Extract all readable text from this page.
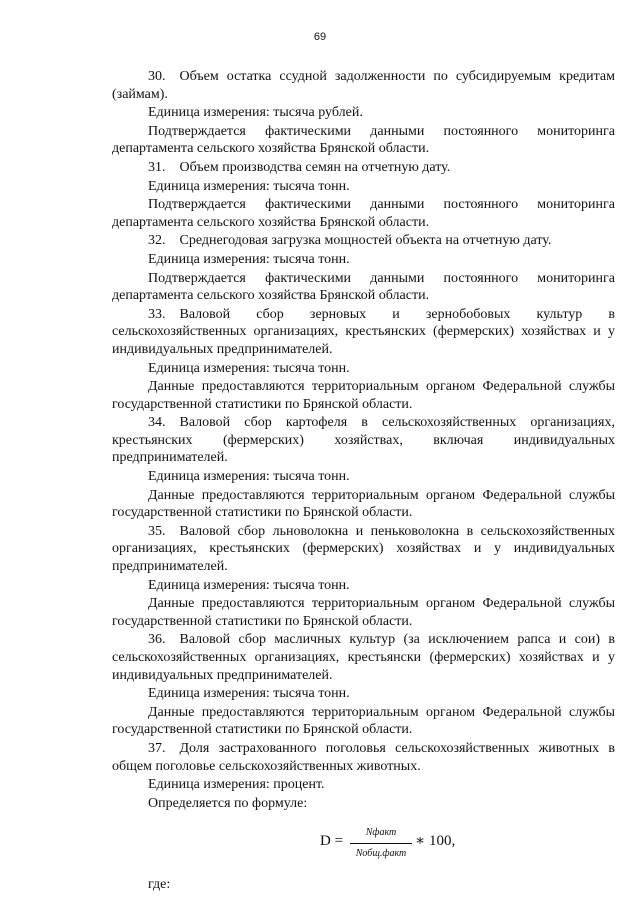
69

30. Объем остатка ссудной задолженности по субсидируемым кредитам (займам).

Единица измерения: тысяча рублей.

Подтверждается фактическими данными постоянного мониторинга департамента сельского хозяйства Брянской области.

31. Объем производства семян на отчетную дату.

Единица измерения: тысяча тонн.

Подтверждается фактическими данными постоянного мониторинга департамента сельского хозяйства Брянской области.

32. Среднегодовая загрузка мощностей объекта на отчетную дату.

Единица измерения: тысяча тонн.

Подтверждается фактическими данными постоянного мониторинга департамента сельского хозяйства Брянской области.

33. Валовой сбор зерновых и зернобобовых культур в сельскохозяйственных организациях, крестьянских (фермерских) хозяйствах и у индивидуальных предпринимателей.

Единица измерения: тысяча тонн.

Данные предоставляются территориальным органом Федеральной службы государственной статистики по Брянской области.

34. Валовой сбор картофеля в сельскохозяйственных организациях, крестьянских (фермерских) хозяйствах, включая индивидуальных предпринимателей.

Единица измерения: тысяча тонн.

Данные предоставляются территориальным органом Федеральной службы государственной статистики по Брянской области.

35. Валовой сбор льноволокна и пеньковолокна в сельскохозяйственных организациях, крестьянских (фермерских) хозяйствах и у индивидуальных предпринимателей.

Единица измерения: тысяча тонн.

Данные предоставляются территориальным органом Федеральной службы государственной статистики по Брянской области.

36. Валовой сбор масличных культур (за исключением рапса и сои) в сельскохозяйственных организациях, крестьянски (фермерских) хозяйствах и у индивидуальных предпринимателей.

Единица измерения: тысяча тонн.

Данные предоставляются территориальным органом Федеральной службы государственной статистики по Брянской области.

37. Доля застрахованного поголовья сельскохозяйственных животных в общем поголовье сельскохозяйственных животных.

Единица измерения: процент.

Определяется по формуле:

D =
Nфакт
Nобщ.факт
∗ 100,

где:
